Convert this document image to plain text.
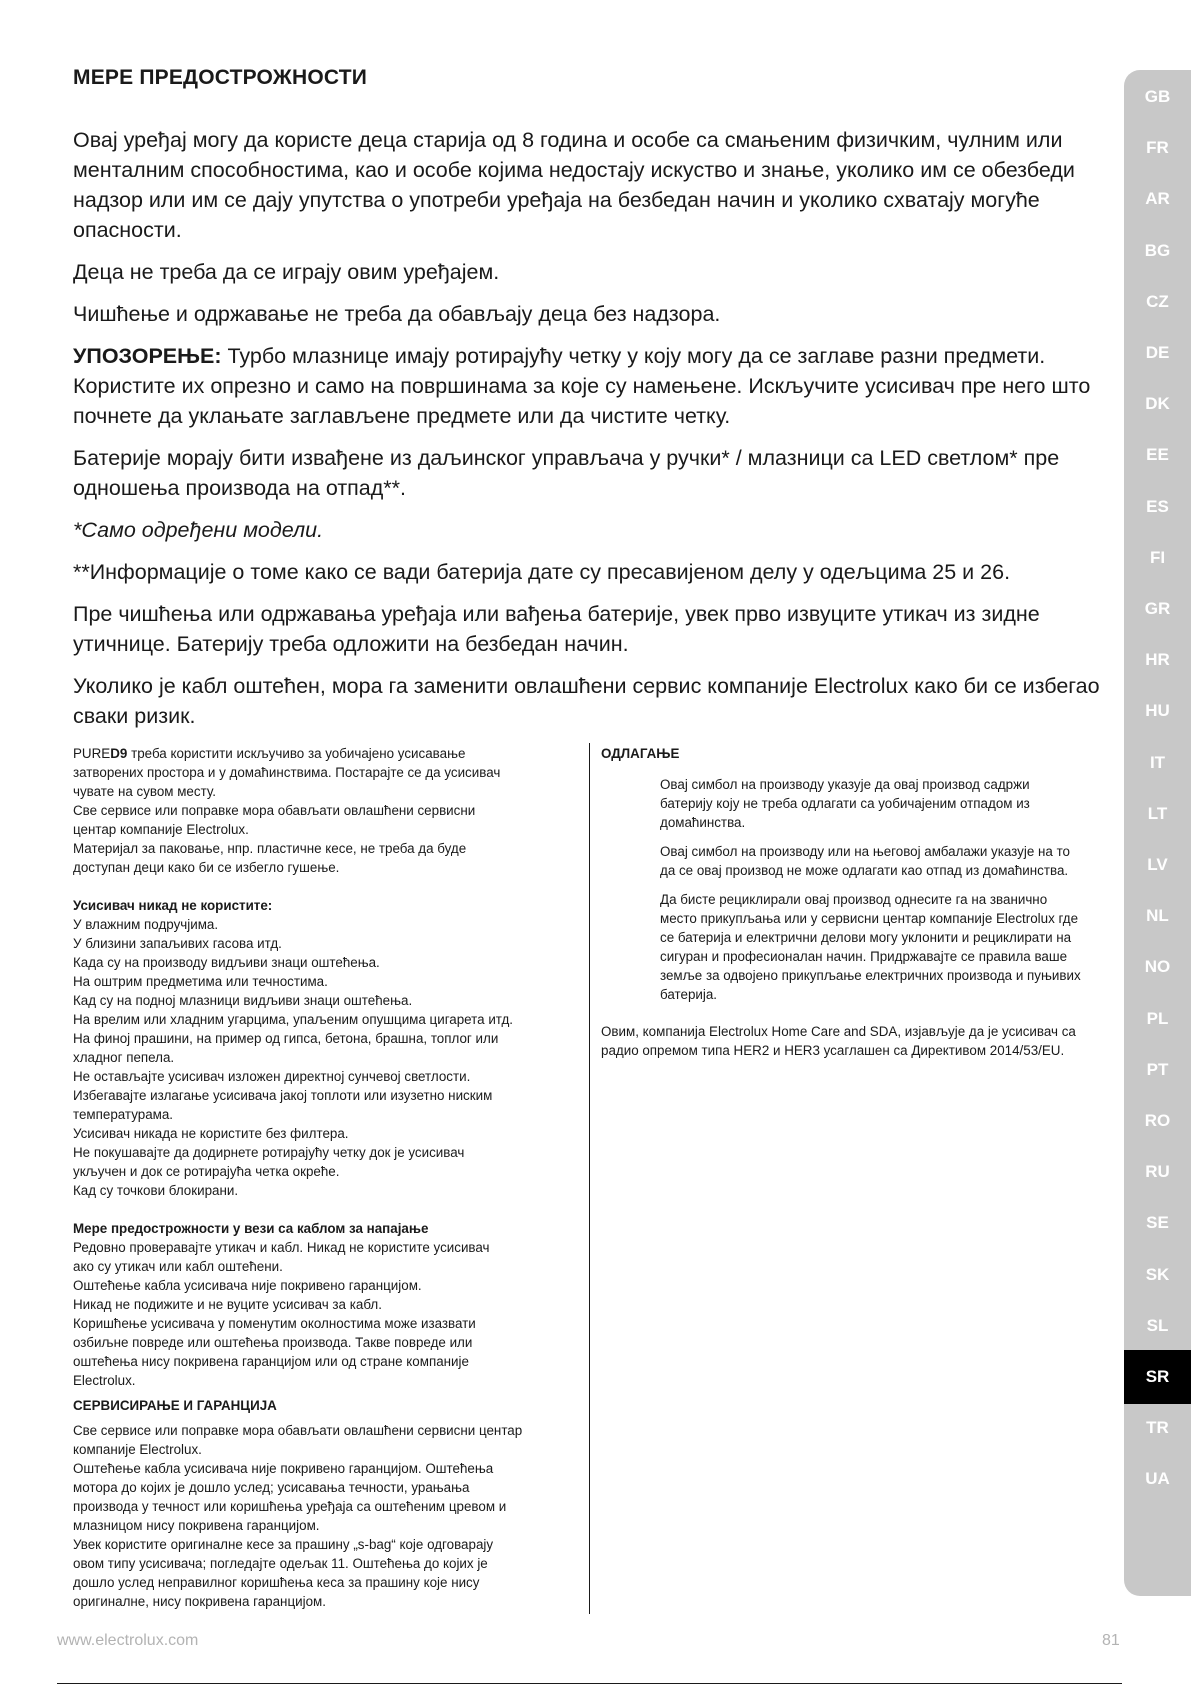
МЕРЕ ПРЕДОСТРОЖНОСТИ

Овај уређај могу да користе деца старија од 8 година и особе са смањеним физичким, чулним или менталним способностима, као и особе којима недостају искуство и знање, уколико им се обезбеди надзор или им се дају упутства о употреби уређаја на безбедан начин и уколико схватају могуће опасности.

Деца не треба да се играју овим уређајем.

Чишћење и одржавање не треба да обављају деца без надзора.

УПОЗОРЕЊЕ: Турбо млазнице имају ротирајућу четку у коју могу да се заглаве разни предмети. Користите их опрезно и само на површинама за које су намењене. Искључите усисивач пре него што почнете да уклањате заглављене предмете или да чистите четку.

Батерије морају бити извађене из даљинског управљача у ручки* / млазници са LED светлом* пре одношења производа на отпад**.

*Само одређени модели.

**Информације о томе како се вади батерија дате су пресавијеном делу у одељцима 25 и 26.

Пре чишћења или одржавања уређаја или вађења батерије, увек прво извуците утикач из зидне утичнице. Батерију треба одложити на безбедан начин.

Уколико је кабл оштећен, мора га заменити овлашћени сервис компаније Electrolux како би се избегао сваки ризик.

PURED9 треба користити искључиво за уобичајено усисавање
затворених простора и у домаћинствима. Постарајте се да усисивач
чувате на сувом месту.
Све сервисе или поправке мора обављати овлашћени сервисни
центар компаније Electrolux.
Материјал за паковање, нпр. пластичне кесе, не треба да буде
доступан деци како би се избегло гушење.
Усисивач никад не користите:
У влажним подручјима.
У близини запаљивих гасова итд.
Када су на производу видљиви знаци оштећења.
На оштрим предметима или течностима.
Кад су на подној млазници видљиви знаци оштећења.
На врелим или хладним угарцима, упаљеним опушцима цигарета итд.
На финој прашини, на пример од гипса, бетона, брашна, топлог или
хладног пепела.
Не остављајте усисивач изложен директној сунчевој светлости.
Избегавајте излагање усисивача јакој топлоти или изузетно ниским
температурама.
Усисивач никада не користите без филтера.
Не покушавајте да додирнете ротирајућу четку док је усисивач
укључен и док се ротирајућа четка окреће.
Кад су точкови блокирани.
Мере предострожности у вези са каблом за напајање
Редовно проверавајте утикач и кабл. Никад не користите усисивач
ако су утикач или кабл оштећени.
Оштећење кабла усисивача није покривено гаранцијом.
Никад не подижите и не вуците усисивач за кабл.
Коришћење усисивача у поменутим околностима може изазвати
озбиљне повреде или оштећења производа. Такве повреде или
оштећења нису покривена гаранцијом или од стране компаније
Electrolux.
СЕРВИСИРАЊЕ И ГАРАНЦИЈА
Све сервисе или поправке мора обављати овлашћени сервисни центар
компаније Electrolux.
Оштећење кабла усисивача није покривено гаранцијом. Оштећења
мотора до којих је дошло услед; усисавања течности, урањања
производа у течност или коришћења уређаја са оштећеним цревом и
млазницом нису покривена гаранцијом.
Увек користите оригиналне кесе за прашину „s-bag“ које одговарају
овом типу усисивача; погледајте одељак 11. Оштећења до којих је
дошло услед неправилног коришћења кеса за прашину које нису
оригиналне, нису покривена гаранцијом.
ОДЛАГАЊЕ

Овај симбол на производу указује да овај производ садржи батерију коју не треба одлагати са уобичајеним отпадом из домаћинства.

Овај симбол на производу или на његовој амбалажи указује на то да се овај производ не може одлагати као отпад из домаћинства.

Да бисте рециклирали овај производ однесите га на званично место прикупљања или у сервисни центар компаније Electrolux где се батерија и електрични делови могу уклонити и рециклирати на сигуран и професионалан начин. Придржавајте се правила ваше земље за одвојено прикупљање електричних производа и пуњивих батерија.

Овим, компанија Electrolux Home Care and SDA, изјављује да је усисивач са радио опремом типа HER2 и HER3 усаглашен са Директивом 2014/53/EU.

GB
FR
AR
BG
CZ
DE
DK
EE
ES
FI
GR
HR
HU
IT
LT
LV
NL
NO
PL
PT
RO
RU
SE
SK
SL
SR
TR
UA
www.electrolux.com	81
